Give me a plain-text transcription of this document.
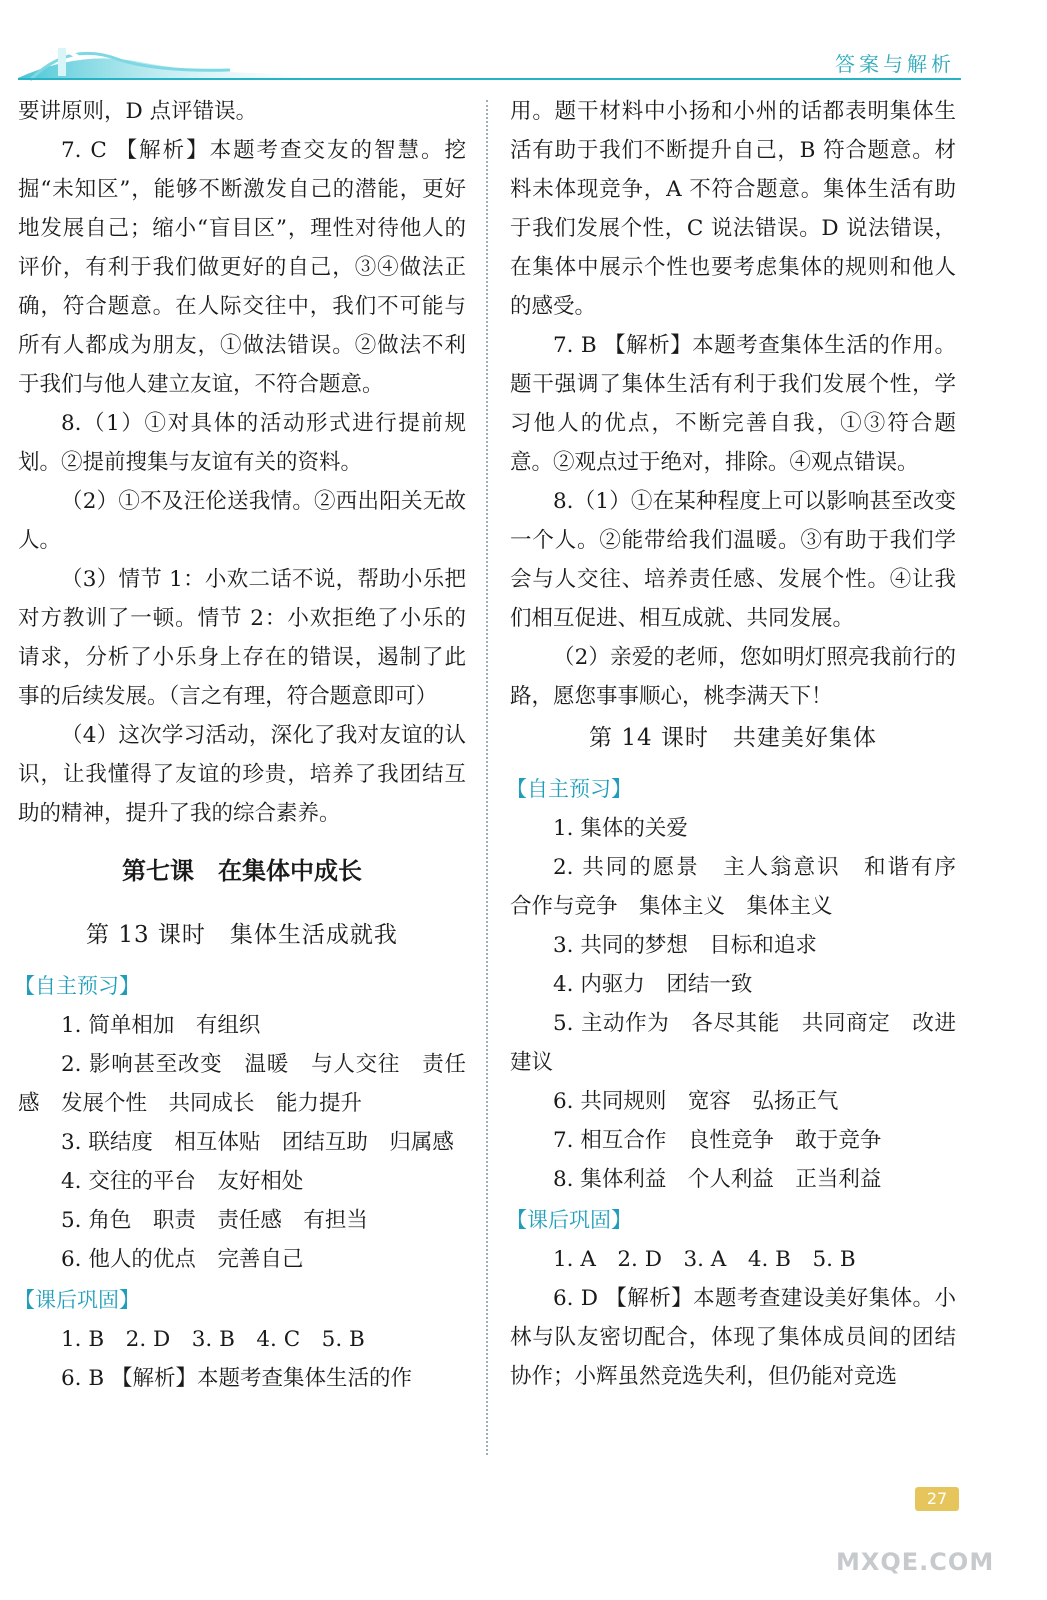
答案与解析

要讲原则，D 点评错误。

7. C 【解析】本题考查交友的智慧。挖掘“未知区”，能够不断激发自己的潜能，更好地发展自己；缩小“盲目区”，理性对待他人的评价，有利于我们做更好的自己，③④做法正确，符合题意。在人际交往中，我们不可能与所有人都成为朋友，①做法错误。②做法不利于我们与他人建立友谊，不符合题意。

8.（1）①对具体的活动形式进行提前规划。②提前搜集与友谊有关的资料。

（2）①不及汪伦送我情。②西出阳关无故人。

（3）情节 1：小欢二话不说，帮助小乐把对方教训了一顿。情节 2：小欢拒绝了小乐的请求，分析了小乐身上存在的错误，遏制了此事的后续发展。（言之有理，符合题意即可）

（4）这次学习活动，深化了我对友谊的认识，让我懂得了友谊的珍贵，培养了我团结互助的精神，提升了我的综合素养。

第七课　在集体中成长

第 13 课时　集体生活成就我

【自主预习】

1. 简单相加　有组织

2. 影响甚至改变　温暖　与人交往　责任感　发展个性　共同成长　能力提升

3. 联结度　相互体贴　团结互助　归属感

4. 交往的平台　友好相处

5. 角色　职责　责任感　有担当

6. 他人的优点　完善自己

【课后巩固】

1. B　2. D　3. B　4. C　5. B

6. B 【解析】本题考查集体生活的作

用。题干材料中小扬和小州的话都表明集体生活有助于我们不断提升自己，B 符合题意。材料未体现竞争，A 不符合题意。集体生活有助于我们发展个性，C 说法错误。D 说法错误，在集体中展示个性也要考虑集体的规则和他人的感受。

7. B 【解析】本题考查集体生活的作用。题干强调了集体生活有利于我们发展个性，学习他人的优点，不断完善自我，①③符合题意。②观点过于绝对，排除。④观点错误。

8.（1）①在某种程度上可以影响甚至改变一个人。②能带给我们温暖。③有助于我们学会与人交往、培养责任感、发展个性。④让我们相互促进、相互成就、共同发展。

（2）亲爱的老师，您如明灯照亮我前行的路，愿您事事顺心，桃李满天下！

第 14 课时　共建美好集体

【自主预习】

1. 集体的关爱

2. 共同的愿景　主人翁意识　和谐有序　合作与竞争　集体主义　集体主义

3. 共同的梦想　目标和追求

4. 内驱力　团结一致

5. 主动作为　各尽其能　共同商定　改进建议

6. 共同规则　宽容　弘扬正气

7. 相互合作　良性竞争　敢于竞争

8. 集体利益　个人利益　正当利益

【课后巩固】

1. A　2. D　3. A　4. B　5. B

6. D 【解析】本题考查建设美好集体。小林与队友密切配合，体现了集体成员间的团结协作；小辉虽然竞选失利，但仍能对竞选

27
MXQE.COM
